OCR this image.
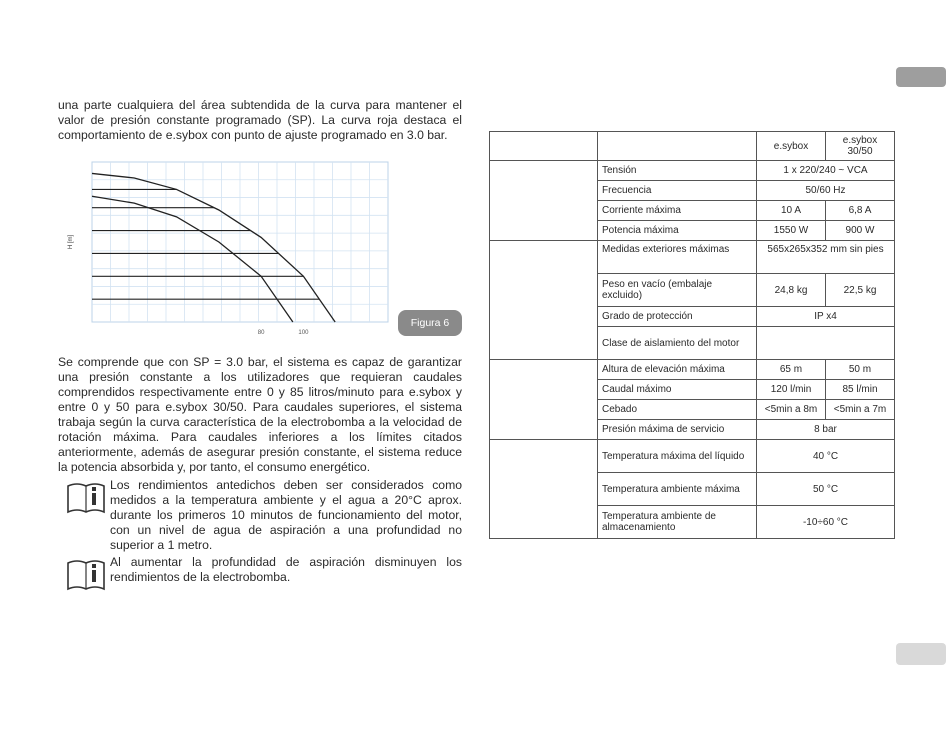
una parte cualquiera del área subtendida de la curva para mantener el valor de presión constante programado (SP). La curva roja destaca el comportamiento de e.sybox con punto de ajuste programado en 3.0 bar.

H [m]
80	100
Figura 6

Se comprende que con SP = 3.0 bar, el sistema es capaz de garantizar una presión constante a los utilizadores que requieran caudales comprendidos respectivamente entre 0 y 85 litros/minuto para e.sybox y entre 0 y 50 para e.sybox 30/50. Para caudales superiores, el sistema trabaja según la curva característica de la electrobomba a la velocidad de rotación máxima. Para caudales inferiores a los límites citados anteriormente, además de asegurar presión constante, el sistema reduce la potencia absorbida y, por tanto, el consumo energético.

Los rendimientos antedichos deben ser considerados como medidos a la temperatura ambiente y el agua a 20°C aprox. durante los primeros 10 minutos de funcionamiento del motor, con un nivel de agua de aspiración a una profundidad no superior a 1 metro.
Al aumentar la profundidad de aspiración disminuyen los rendimientos de la electrobomba.
		e.sybox	e.sybox 30/50
	Tensión	1 x 220/240 ~ VCA	
	Frecuencia	50/60 Hz	
	Corriente máxima	10 A	6,8 A
	Potencia máxima	1550 W	900 W
	Medidas exteriores máximas	565x265x352 mm sin pies	
	Peso en vacío (embalaje excluido)	24,8 kg	22,5 kg
	Grado de protección	IP x4	
	Clase de aislamiento del motor		
	Altura de elevación máxima	65 m	50 m
	Caudal máximo	120 l/min	85 l/min
	Cebado	<5min a 8m	<5min a 7m
	Presión máxima de servicio	8 bar	
	Temperatura máxima del líquido	40 °C	
	Temperatura ambiente máxima	50 °C	
	Temperatura ambiente de almacenamiento	-10÷60 °C	
